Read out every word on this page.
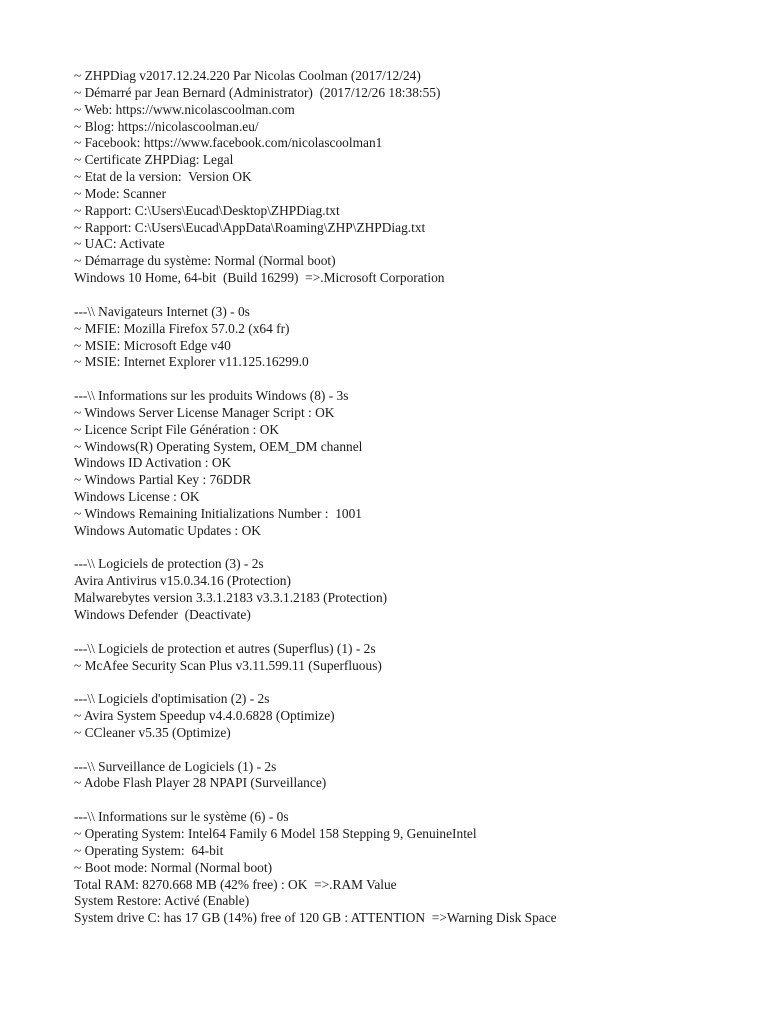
~ ZHPDiag v2017.12.24.220 Par Nicolas Coolman (2017/12/24)
~ Démarré par Jean Bernard (Administrator)  (2017/12/26 18:38:55)
~ Web: https://www.nicolascoolman.com
~ Blog: https://nicolascoolman.eu/
~ Facebook: https://www.facebook.com/nicolascoolman1
~ Certificate ZHPDiag: Legal
~ Etat de la version:  Version OK
~ Mode: Scanner
~ Rapport: C:\Users\Eucad\Desktop\ZHPDiag.txt
~ Rapport: C:\Users\Eucad\AppData\Roaming\ZHP\ZHPDiag.txt
~ UAC: Activate
~ Démarrage du système: Normal (Normal boot)
Windows 10 Home, 64-bit  (Build 16299)  =>.Microsoft Corporation
---\\ Navigateurs Internet (3) - 0s
~ MFIE: Mozilla Firefox 57.0.2 (x64 fr)
~ MSIE: Microsoft Edge v40
~ MSIE: Internet Explorer v11.125.16299.0
---\\ Informations sur les produits Windows (8) - 3s
~ Windows Server License Manager Script : OK
~ Licence Script File Génération : OK
~ Windows(R) Operating System, OEM_DM channel
Windows ID Activation : OK
~ Windows Partial Key : 76DDR
Windows License : OK
~ Windows Remaining Initializations Number :  1001
Windows Automatic Updates : OK
---\\ Logiciels de protection (3) - 2s
Avira Antivirus v15.0.34.16 (Protection)
Malwarebytes version 3.3.1.2183 v3.3.1.2183 (Protection)
Windows Defender  (Deactivate)
---\\ Logiciels de protection et autres (Superflus) (1) - 2s
~ McAfee Security Scan Plus v3.11.599.11 (Superfluous)
---\\ Logiciels d'optimisation (2) - 2s
~ Avira System Speedup v4.4.0.6828 (Optimize)
~ CCleaner v5.35 (Optimize)
---\\ Surveillance de Logiciels (1) - 2s
~ Adobe Flash Player 28 NPAPI (Surveillance)
---\\ Informations sur le système (6) - 0s
~ Operating System: Intel64 Family 6 Model 158 Stepping 9, GenuineIntel
~ Operating System:  64-bit
~ Boot mode: Normal (Normal boot)
Total RAM: 8270.668 MB (42% free) : OK  =>.RAM Value
System Restore: Activé (Enable)
System drive C: has 17 GB (14%) free of 120 GB : ATTENTION  =>Warning Disk Space
